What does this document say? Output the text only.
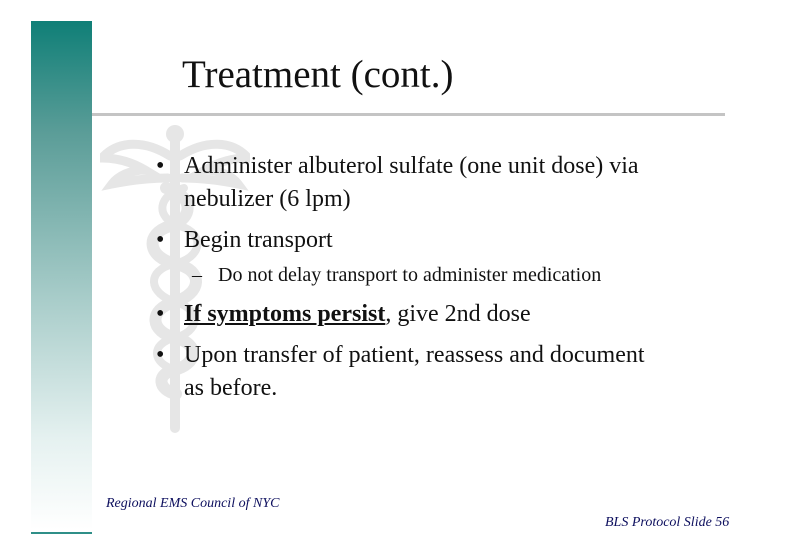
Treatment (cont.)
• Administer albuterol sulfate (one unit dose) via
nebulizer (6 lpm)
• Begin transport
– Do not delay transport to administer medication
• If symptoms persist, give 2nd dose
• Upon transfer of patient, reassess and document
as before.
Regional EMS Council of NYC
BLS Protocol Slide 56
